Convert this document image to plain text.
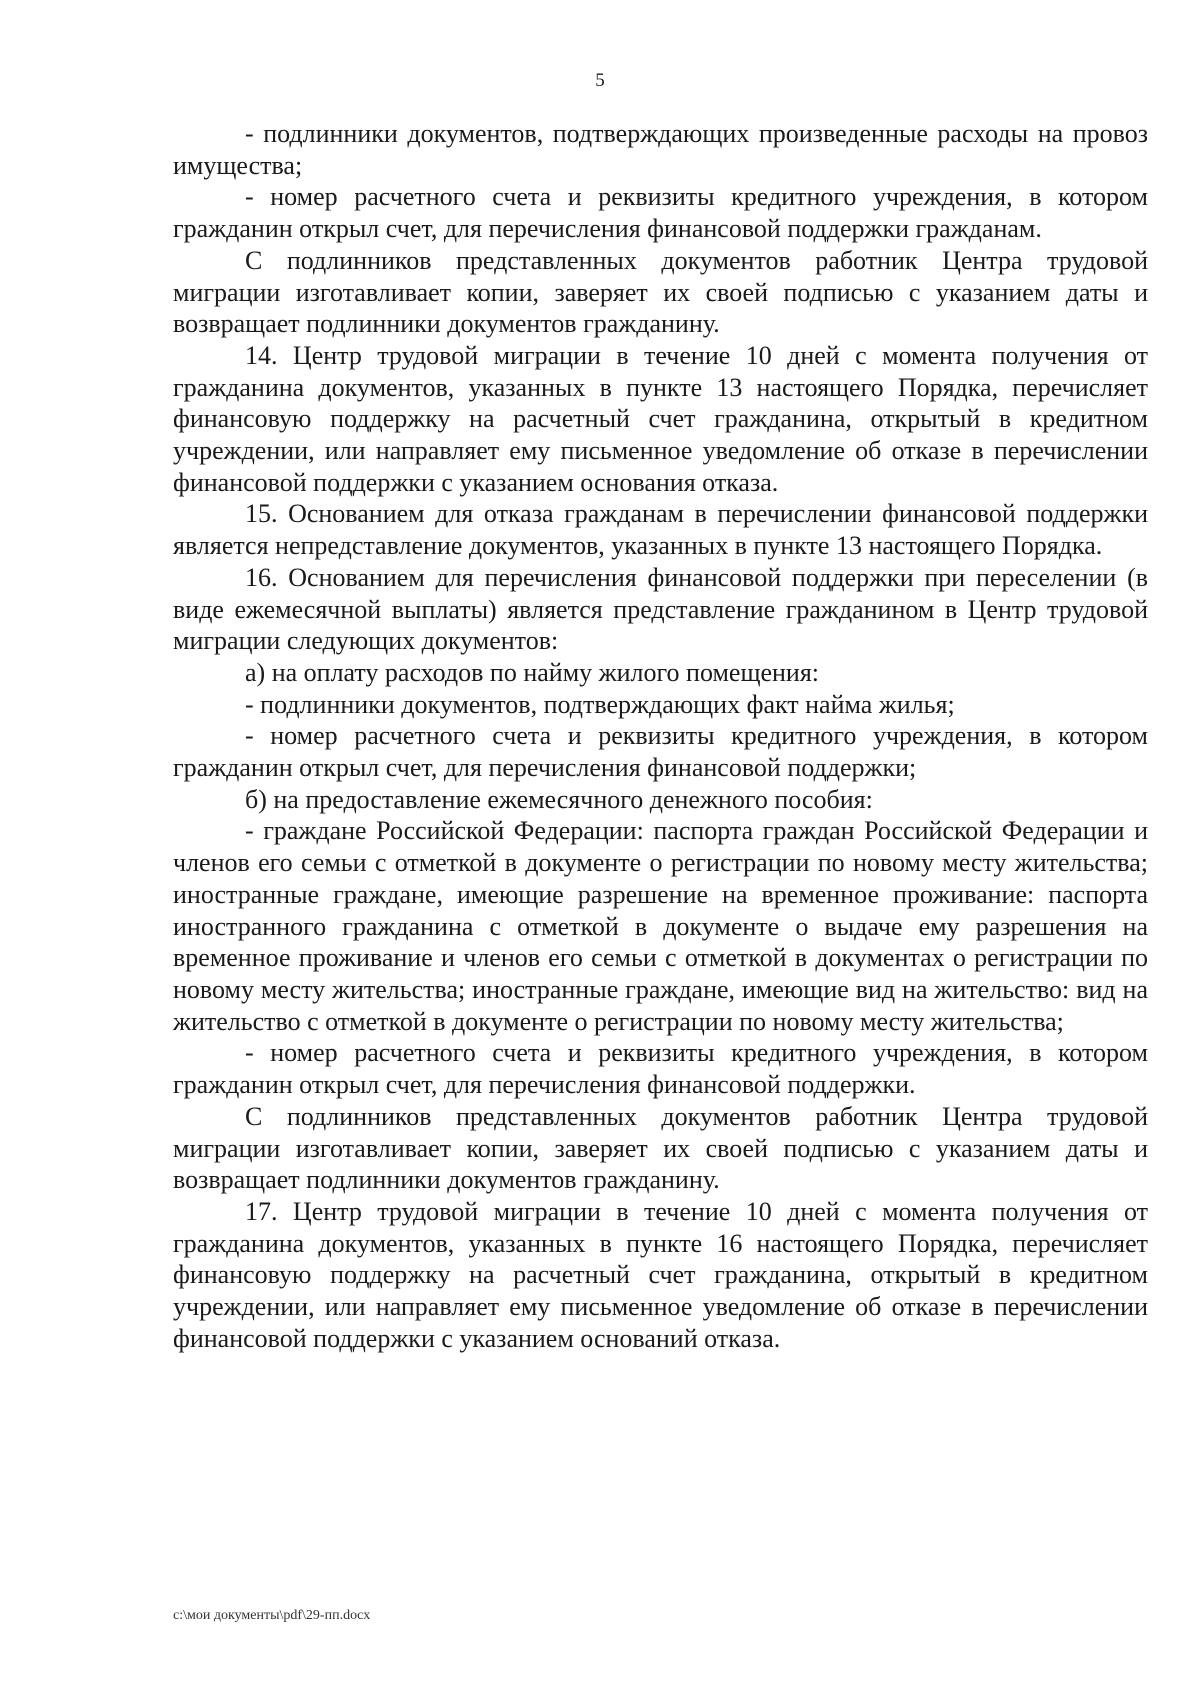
5

- подлинники документов, подтверждающих произведенные расходы на провоз имущества;

- номер расчетного счета и реквизиты кредитного учреждения, в котором гражданин открыл счет, для перечисления финансовой поддержки гражданам.

С подлинников представленных документов работник Центра трудовой миграции изготавливает копии, заверяет их своей подписью с указанием даты и возвращает подлинники документов гражданину.

14. Центр трудовой миграции в течение 10 дней с момента получения от гражданина документов, указанных в пункте 13 настоящего Порядка, перечисляет финансовую поддержку на расчетный счет гражданина, открытый в кредитном учреждении, или направляет ему письменное уведомление об отказе в перечислении финансовой поддержки с указанием основания отказа.

15. Основанием для отказа гражданам в перечислении финансовой поддержки является непредставление документов, указанных в пункте 13 настоящего Порядка.

16. Основанием для перечисления финансовой поддержки при переселении (в виде ежемесячной выплаты) является представление гражданином в Центр трудовой миграции следующих документов:

а) на оплату расходов по найму жилого помещения:

- подлинники документов, подтверждающих факт найма жилья;

- номер расчетного счета и реквизиты кредитного учреждения, в котором гражданин открыл счет, для перечисления финансовой поддержки;

б) на предоставление ежемесячного денежного пособия:

- граждане Российской Федерации: паспорта граждан Российской Федерации и членов его семьи с отметкой в документе о регистрации по новому месту жительства; иностранные граждане, имеющие разрешение на временное проживание: паспорта иностранного гражданина с отметкой в документе о выдаче ему разрешения на временное проживание и членов его семьи с отметкой в документах о регистрации по новому месту жительства; иностранные граждане, имеющие вид на жительство: вид на жительство с отметкой в документе о регистрации по новому месту жительства;

- номер расчетного счета и реквизиты кредитного учреждения, в котором гражданин открыл счет, для перечисления финансовой поддержки.

С подлинников представленных документов работник Центра трудовой миграции изготавливает копии, заверяет их своей подписью с указанием даты и возвращает подлинники документов гражданину.

17. Центр трудовой миграции в течение 10 дней с момента получения от гражданина документов, указанных в пункте 16 настоящего Порядка, перечисляет финансовую поддержку на расчетный счет гражданина, открытый в кредитном учреждении, или направляет ему письменное уведомление об отказе в перечислении финансовой поддержки с указанием оснований отказа.

c:\мои документы\pdf\29-пп.docx
